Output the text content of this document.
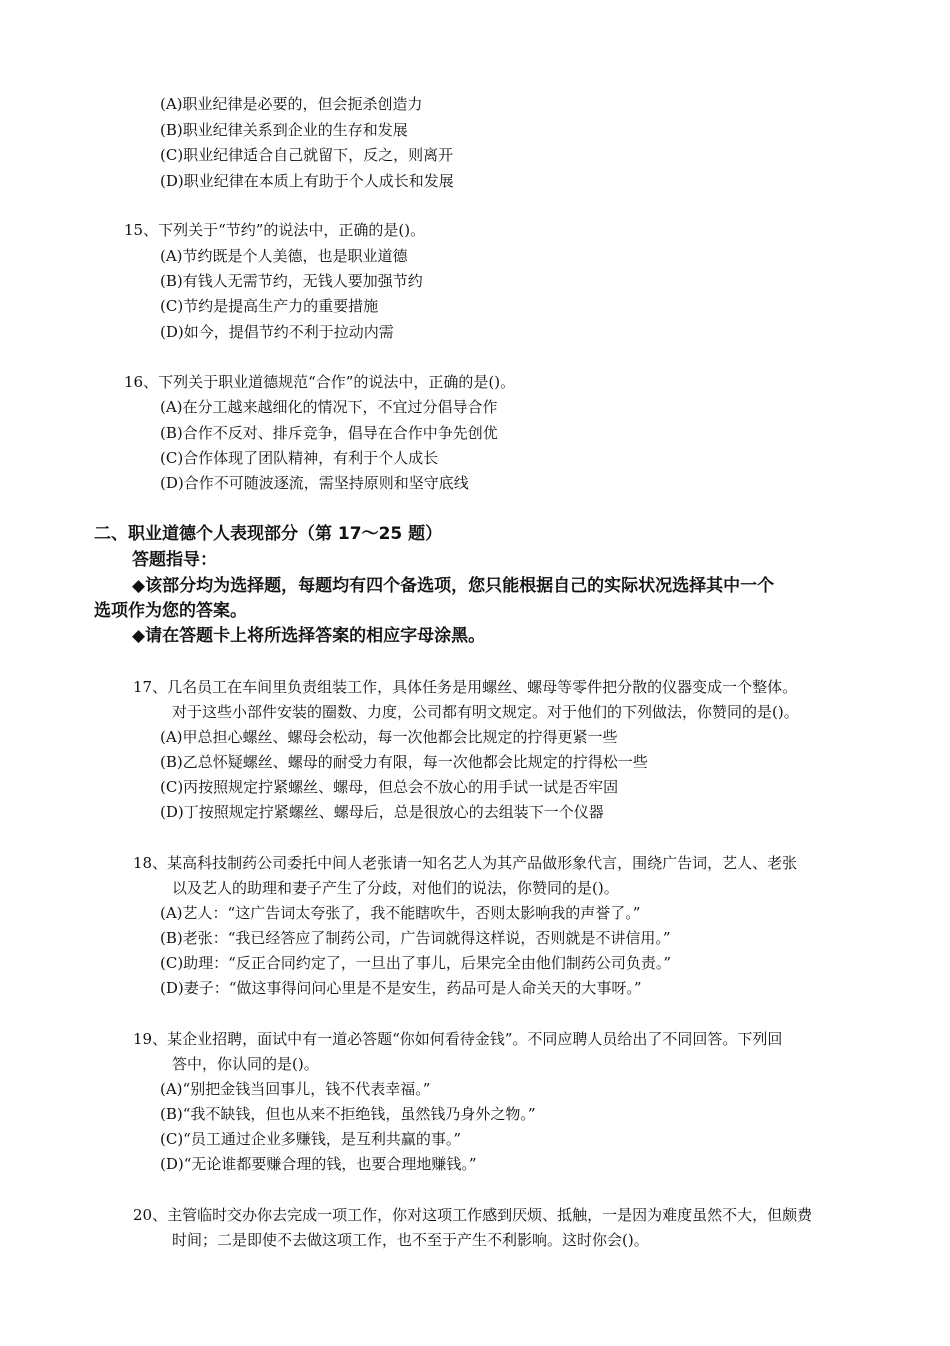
(A)职业纪律是必要的，但会扼杀创造力
(B)职业纪律关系到企业的生存和发展
(C)职业纪律适合自己就留下，反之，则离开
(D)职业纪律在本质上有助于个人成长和发展
15、下列关于“节约”的说法中，正确的是()。
(A)节约既是个人美德，也是职业道德
(B)有钱人无需节约，无钱人要加强节约
(C)节约是提高生产力的重要措施
(D)如今，提倡节约不利于拉动内需
16、下列关于职业道德规范“合作”的说法中，正确的是()。
(A)在分工越来越细化的情况下，不宜过分倡导合作
(B)合作不反对、排斥竞争，倡导在合作中争先创优
(C)合作体现了团队精神，有利于个人成长
(D)合作不可随波逐流，需坚持原则和坚守底线
二、职业道德个人表现部分（第 17～25 题）
答题指导：
◆该部分均为选择题，每题均有四个备选项，您只能根据自己的实际状况选择其中一个
选项作为您的答案。
◆请在答题卡上将所选择答案的相应字母涂黑。
17、几名员工在车间里负责组装工作，具体任务是用螺丝、螺母等零件把分散的仪器变成一个整体。
对于这些小部件安装的圈数、力度，公司都有明文规定。对于他们的下列做法，你赞同的是()。
(A)甲总担心螺丝、螺母会松动，每一次他都会比规定的拧得更紧一些
(B)乙总怀疑螺丝、螺母的耐受力有限，每一次他都会比规定的拧得松一些
(C)丙按照规定拧紧螺丝、螺母，但总会不放心的用手试一试是否牢固
(D)丁按照规定拧紧螺丝、螺母后，总是很放心的去组装下一个仪器
18、某高科技制药公司委托中间人老张请一知名艺人为其产品做形象代言，围绕广告词，艺人、老张
以及艺人的助理和妻子产生了分歧，对他们的说法，你赞同的是()。
(A)艺人：“这广告词太夸张了，我不能瞎吹牛，否则太影响我的声誉了。”
(B)老张：“我已经答应了制药公司，广告词就得这样说，否则就是不讲信用。”
(C)助理：“反正合同约定了，一旦出了事儿，后果完全由他们制药公司负责。”
(D)妻子：“做这事得问问心里是不是安生，药品可是人命关天的大事呀。”
19、某企业招聘，面试中有一道必答题“你如何看待金钱”。不同应聘人员给出了不同回答。下列回
答中，你认同的是()。
(A)“别把金钱当回事儿，钱不代表幸福。”
(B)“我不缺钱，但也从来不拒绝钱，虽然钱乃身外之物。”
(C)“员工通过企业多赚钱，是互利共赢的事。”
(D)“无论谁都要赚合理的钱，也要合理地赚钱。”
20、主管临时交办你去完成一项工作，你对这项工作感到厌烦、抵触，一是因为难度虽然不大，但颇费
时间；二是即使不去做这项工作，也不至于产生不利影响。这时你会()。
